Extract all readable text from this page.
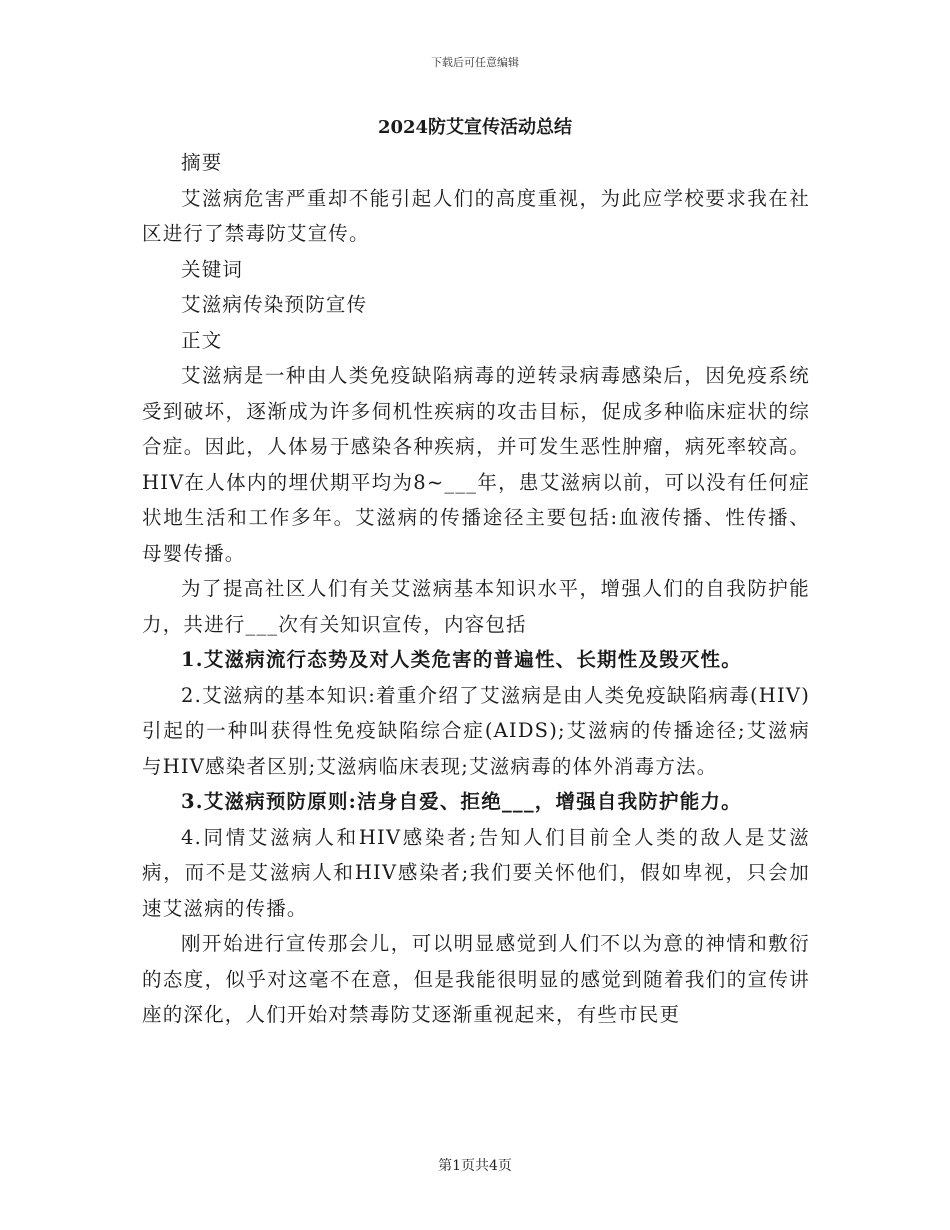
下载后可任意编辑
2024防艾宣传活动总结

摘要

艾滋病危害严重却不能引起人们的高度重视，为此应学校要求我在社区进行了禁毒防艾宣传。

关键词

艾滋病传染预防宣传

正文

艾滋病是一种由人类免疫缺陷病毒的逆转录病毒感染后，因免疫系统受到破坏，逐渐成为许多伺机性疾病的攻击目标，促成多种临床症状的综合症。因此，人体易于感染各种疾病，并可发生恶性肿瘤，病死率较高。HIV在人体内的埋伏期平均为8~___年，患艾滋病以前，可以没有任何症状地生活和工作多年。艾滋病的传播途径主要包括:血液传播、性传播、母婴传播。

为了提高社区人们有关艾滋病基本知识水平，增强人们的自我防护能力，共进行___次有关知识宣传，内容包括

1.艾滋病流行态势及对人类危害的普遍性、长期性及毁灭性。

2.艾滋病的基本知识:着重介绍了艾滋病是由人类免疫缺陷病毒(HIV)引起的一种叫获得性免疫缺陷综合症(AIDS);艾滋病的传播途径;艾滋病与HIV感染者区别;艾滋病临床表现;艾滋病毒的体外消毒方法。

3.艾滋病预防原则:洁身自爱、拒绝___，增强自我防护能力。

4.同情艾滋病人和HIV感染者;告知人们目前全人类的敌人是艾滋病，而不是艾滋病人和HIV感染者;我们要关怀他们，假如卑视，只会加速艾滋病的传播。

刚开始进行宣传那会儿，可以明显感觉到人们不以为意的神情和敷衍的态度，似乎对这毫不在意，但是我能很明显的感觉到随着我们的宣传讲座的深化，人们开始对禁毒防艾逐渐重视起来，有些市民更

第1页共4页
